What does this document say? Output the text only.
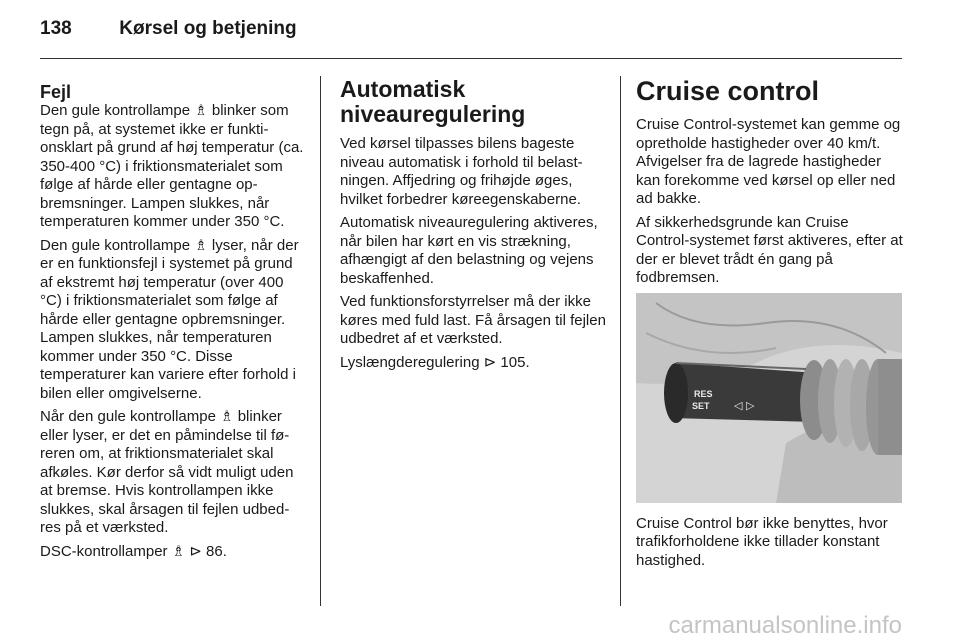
138	Kørsel og betjening
Fejl

Den gule kontrollampe ♗ blinker som tegn på, at systemet ikke er funktionsklart på grund af høj temperatur (ca. 350-400 °C) i friktionsmaterialet som følge af hårde eller gentagne opbremsninger. Lampen slukkes, når temperaturen kommer under 350 °C.

Den gule kontrollampe ♗ lyser, når der er en funktionsfejl i systemet på grund af ekstremt høj temperatur (over 400 °C) i friktionsmaterialet som følge af hårde eller gentagne opbremsninger. Lampen slukkes, når temperaturen kommer under 350 °C. Disse temperaturer kan variere efter forhold i bilen eller omgivelserne.

Når den gule kontrollampe ♗ blinker eller lyser, er det en påmindelse til føreren om, at friktionsmaterialet skal afkøles. Kør derfor så vidt muligt uden at bremse. Hvis kontrollampen ikke slukkes, skal årsagen til fejlen udbedres på et værksted.

DSC-kontrollamper ♗ ⊳ 86.

Automatisk niveauregulering

Ved kørsel tilpasses bilens bageste niveau automatisk i forhold til belastningen. Affjedring og frihøjde øges, hvilket forbedrer køreegenskaberne.

Automatisk niveauregulering aktiveres, når bilen har kørt en vis strækning, afhængigt af den belastning og vejens beskaffenhed.

Ved funktionsforstyrrelser må der ikke køres med fuld last. Få årsagen til fejlen udbedret af et værksted.

Lyslængderegulering ⊳ 105.

Cruise control

Cruise Control-systemet kan gemme og opretholde hastigheder over 40 km/t. Afvigelser fra de lagrede hastigheder kan forekomme ved kørsel op eller ned ad bakke.

Af sikkerhedsgrunde kan Cruise Control-systemet først aktiveres, efter at der er blevet trådt én gang på fodbremsen.

RES
SET ◁ ▷

Cruise Control bør ikke benyttes, hvor trafikforholdene ikke tillader konstant hastighed.

carmanualsonline.info
